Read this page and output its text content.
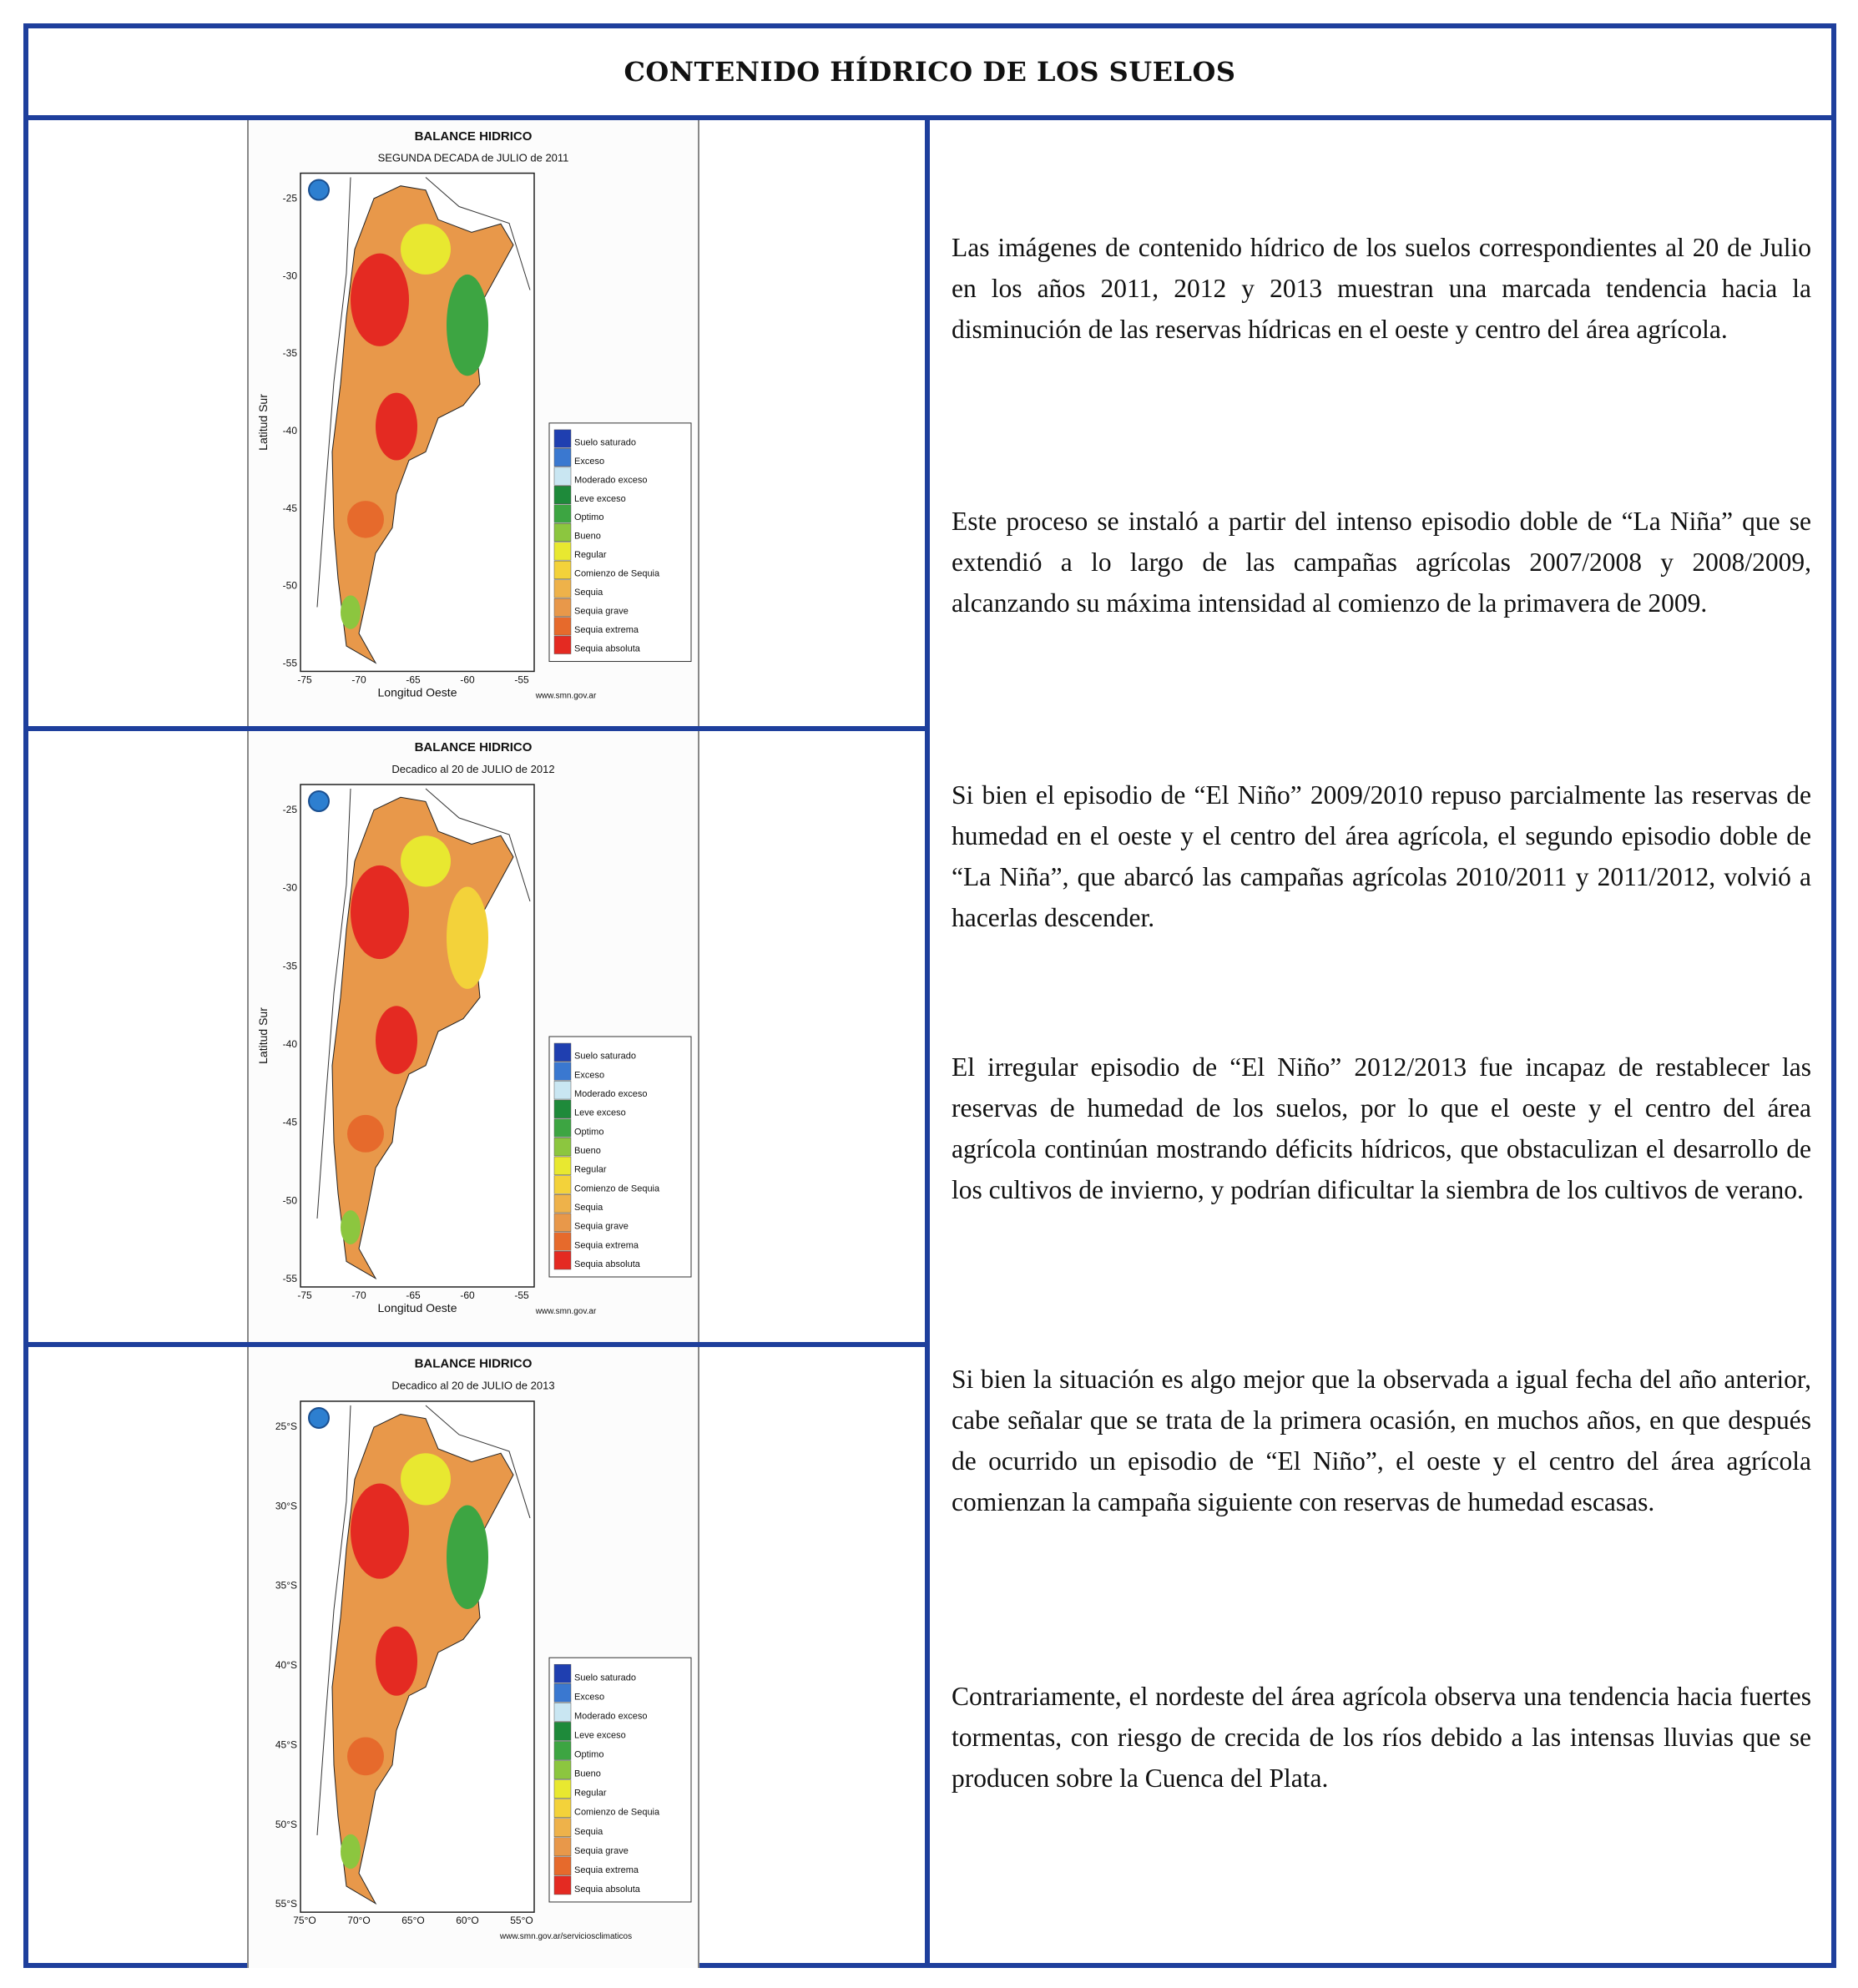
CONTENIDO HÍDRICO DE LOS SUELOS
BALANCE HIDRICO
SEGUNDA DECADA de JULIO de 2011
-25
-30
-35
-40
-45
-50
-55
-75	-70	-65	-60	-55
Latitud Sur
Longitud Oeste	www.smn.gov.ar
Suelo saturado
Exceso
Moderado exceso
Leve exceso
Optimo
Bueno
Regular
Comienzo de Sequia
Sequia
Sequia grave
Sequia extrema
Sequia absoluta
BALANCE HIDRICO
Decadico al 20 de JULIO de 2012
-25
-30
-35
-40
-45
-50
-55
-75	-70	-65	-60	-55
Latitud Sur
Longitud Oeste	www.smn.gov.ar
Suelo saturado
Exceso
Moderado exceso
Leve exceso
Optimo
Bueno
Regular
Comienzo de Sequia
Sequia
Sequia grave
Sequia extrema
Sequia absoluta
BALANCE HIDRICO
Decadico al 20 de JULIO de 2013
25°S
30°S
35°S
40°S
45°S
50°S
55°S
75°O	70°O	65°O	60°O	55°O
www.smn.gov.ar/serviciosclimaticos
Suelo saturado
Exceso
Moderado exceso
Leve exceso
Optimo
Bueno
Regular
Comienzo de Sequia
Sequia
Sequia grave
Sequia extrema
Sequia absoluta

Las imágenes de contenido hídrico de los suelos correspondientes al 20 de Julio en los años 2011, 2012 y 2013 muestran una marcada tendencia hacia la disminución de las reservas hídricas en el oeste y centro del área agrícola.

Este proceso se instaló a partir del intenso episodio doble de “La Niña” que se extendió a lo largo de las campañas agrícolas 2007/2008 y 2008/2009, alcanzando su máxima intensidad al comienzo de la primavera de 2009.

Si bien el episodio de “El Niño” 2009/2010 repuso parcialmente las reservas de humedad en el oeste y el centro del área agrícola, el segundo episodio doble de “La Niña”, que abarcó las campañas agrícolas 2010/2011 y 2011/2012, volvió a hacerlas descender.

El irregular episodio de “El Niño” 2012/2013 fue incapaz de restablecer las reservas de humedad de los suelos, por lo que el oeste y el centro del área agrícola continúan mostrando déficits hídricos, que obstaculizan el desarrollo de los cultivos de invierno, y podrían dificultar la siembra de los cultivos de verano.

Si bien la situación es algo mejor que la observada a igual fecha del año anterior, cabe señalar que se trata de la primera ocasión, en muchos años, en que después de ocurrido un episodio de “El Niño”, el oeste y el centro del área agrícola comienzan la campaña siguiente con reservas de humedad escasas.

Contrariamente, el nordeste del área agrícola observa una tendencia hacia fuertes tormentas, con riesgo de crecida de los ríos debido a las intensas lluvias que se producen sobre la Cuenca del Plata.
